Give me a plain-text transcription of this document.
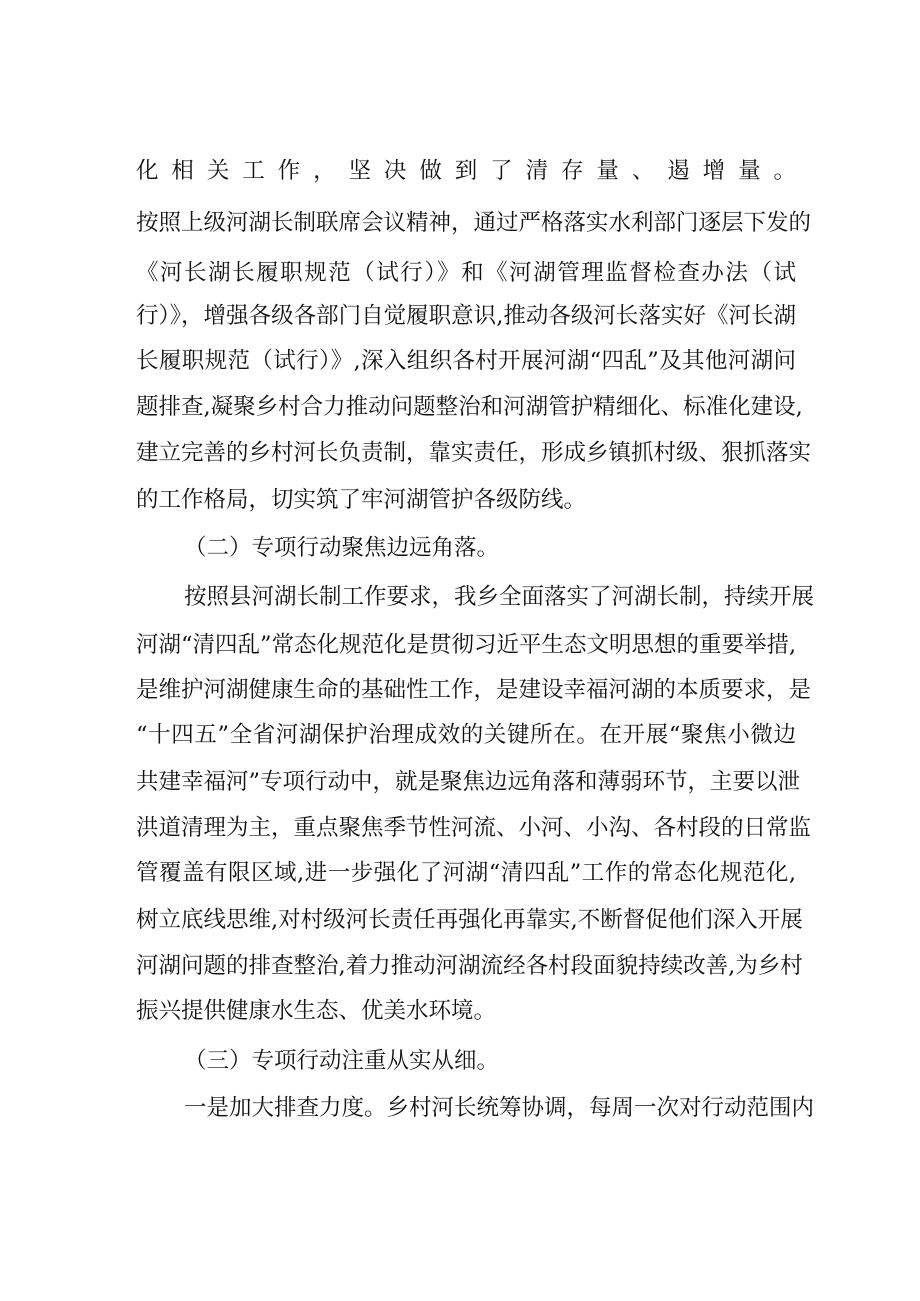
化相关工作，坚决做到了清存量、遏增量。
按照上级河湖长制联席会议精神，通过严格落实水利部门逐层下发的
《河长湖长履职规范（试行）》和《河湖管理监督检查办法（试
行）》，增强各级各部门自觉履职意识,推动各级河长落实好《河长湖
长履职规范（试行）》,深入组织各村开展河湖“四乱”及其他河湖问
题排查,凝聚乡村合力推动问题整治和河湖管护精细化、标准化建设,
建立完善的乡村河长负责制，靠实责任，形成乡镇抓村级、狠抓落实
的工作格局，切实筑了牢河湖管护各级防线。
（二）专项行动聚焦边远角落。
按照县河湖长制工作要求，我乡全面落实了河湖长制，持续开展
河湖“清四乱”常态化规范化是贯彻习近平生态文明思想的重要举措,
是维护河湖健康生命的基础性工作，是建设幸福河湖的本质要求，是
“十四五”全省河湖保护治理成效的关键所在。在开展“聚焦小微边
共建幸福河”专项行动中，就是聚焦边远角落和薄弱环节，主要以泄
洪道清理为主，重点聚焦季节性河流、小河、小沟、各村段的日常监
管覆盖有限区域,进一步强化了河湖“清四乱”工作的常态化规范化,
树立底线思维,对村级河长责任再强化再靠实,不断督促他们深入开展
河湖问题的排查整治,着力推动河湖流经各村段面貌持续改善,为乡村
振兴提供健康水生态、优美水环境。
（三）专项行动注重从实从细。
一是加大排查力度。乡村河长统筹协调，每周一次对行动范围内
